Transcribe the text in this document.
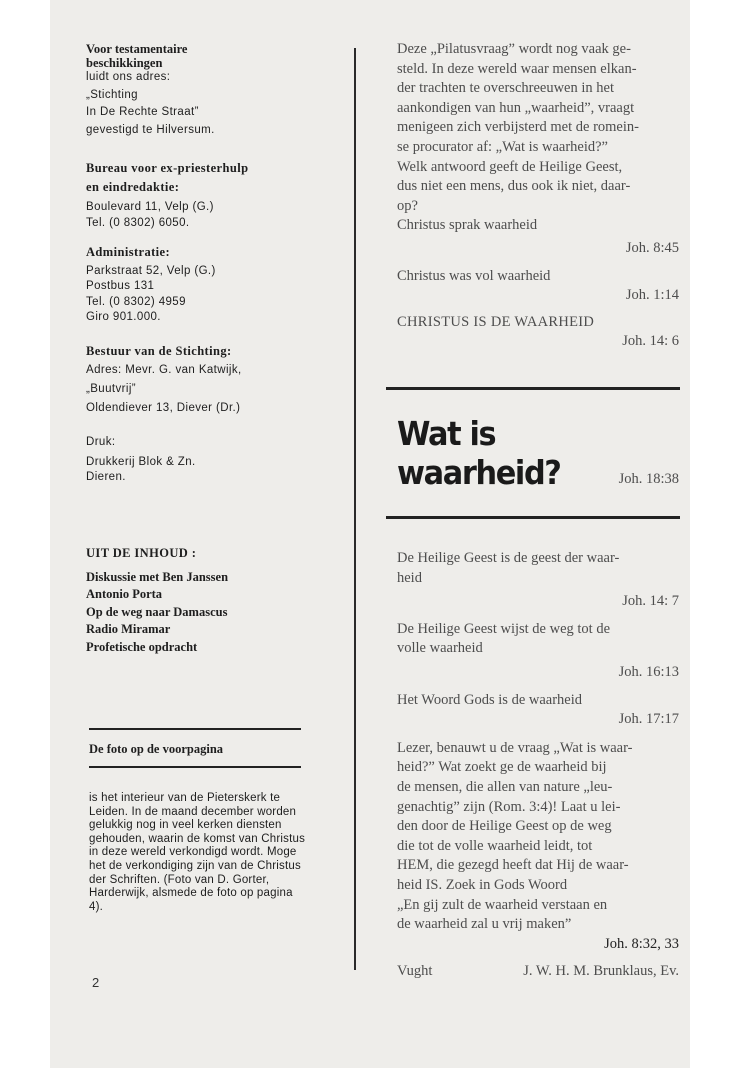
Voor testamentaire
beschikkingen

luidt ons adres:
„Stichting
In De Rechte Straat”
gevestigd te Hilversum.

Bureau voor ex-priesterhulp
en eindredaktie:

Boulevard 11, Velp (G.)
Tel. (0 8302) 6050.

Administratie:

Parkstraat 52, Velp (G.)
Postbus 131
Tel. (0 8302) 4959
Giro 901.000.

Bestuur van de Stichting:

Adres: Mevr. G. van Katwijk,
„Buutvrij”
Oldendiever 13, Diever (Dr.)

Druk:

Drukkerij Blok & Zn.
Dieren.

UIT DE INHOUD :

Diskussie met Ben Janssen
Antonio Porta
Op de weg naar Damascus
Radio Miramar
Profetische opdracht

De foto op de voorpagina

is het interieur van de Pieterskerk te Leiden. In de maand december worden gelukkig nog in veel kerken diensten gehouden, waarin de komst van Christus in deze wereld verkondigd wordt. Moge het de verkondiging zijn van de Christus der Schriften. (Foto van D. Gorter, Harderwijk, alsmede de foto op pagina 4).

2

Deze „Pilatusvraag” wordt nog vaak ge-
steld. In deze wereld waar mensen elkan-
der trachten te overschreeuwen in het
aankondigen van hun „waarheid”, vraagt
menigeen zich verbijsterd met de romein-
se procurator af: „Wat is waarheid?”
Welk antwoord geeft de Heilige Geest,
dus niet een mens, dus ook ik niet, daar-
op?
Christus sprak waarheid

Joh. 8:45

Christus was vol waarheid

Joh. 1:14

CHRISTUS IS DE WAARHEID

Joh. 14: 6

Wat is waarheid?	Joh. 18:38

De Heilige Geest is de geest der waar-
heid

Joh. 14: 7

De Heilige Geest wijst de weg tot de
volle waarheid

Joh. 16:13

Het Woord Gods is de waarheid

Joh. 17:17

Lezer, benauwt u de vraag „Wat is waar-
heid?” Wat zoekt ge de waarheid bij
de mensen, die allen van nature „leu-
genachtig” zijn (Rom. 3:4)! Laat u lei-
den door de Heilige Geest op de weg
die tot de volle waarheid leidt, tot
HEM, die gezegd heeft dat Hij de waar-
heid IS. Zoek in Gods Woord
„En gij zult de waarheid verstaan en
de waarheid zal u vrij maken”

Joh. 8:32, 33

Vught	J. W. H. M. Brunklaus, Ev.
